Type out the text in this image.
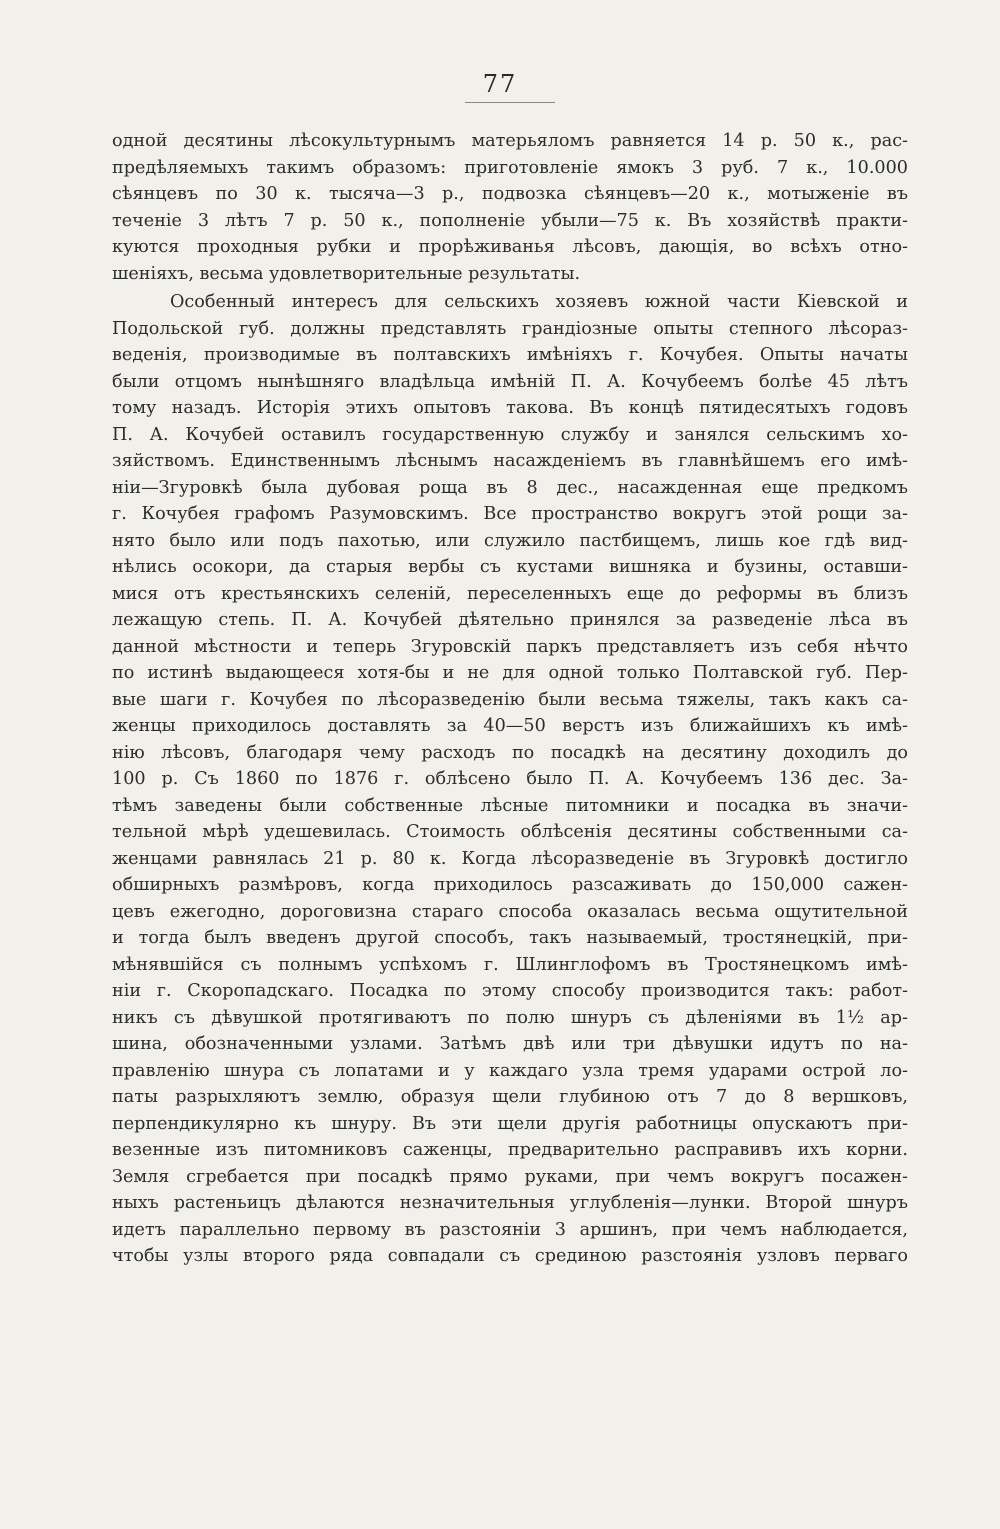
77
одной десятины лѣсокультурнымъ матерьяломъ равняется 14 р. 50 к., рас-
предѣляемыхъ такимъ образомъ: приготовленіе ямокъ 3 руб. 7 к., 10.000
сѣянцевъ по 30 к. тысяча—3 р., подвозка сѣянцевъ—20 к., мотыженіе въ
теченіе 3 лѣтъ 7 р. 50 к., пополненіе убыли—75 к. Въ хозяйствѣ практи-
куются проходныя рубки и прорѣживанья лѣсовъ, дающія, во всѣхъ отно-
шеніяхъ, весьма удовлетворительные результаты.
Особенный интересъ для сельскихъ хозяевъ южной части Кіевской и
Подольской губ. должны представлять грандіозные опыты степного лѣсораз-
веденія, производимые въ полтавскихъ имѣніяхъ г. Кочубея. Опыты начаты
были отцомъ нынѣшняго владѣльца имѣній П. А. Кочубеемъ болѣе 45 лѣтъ
тому назадъ. Исторія этихъ опытовъ такова. Въ концѣ пятидесятыхъ годовъ
П. А. Кочубей оставилъ государственную службу и занялся сельскимъ хо-
зяйствомъ. Единственнымъ лѣснымъ насажденіемъ въ главнѣйшемъ его имѣ-
ніи—Згуровкѣ была дубовая роща въ 8 дес., насажденная еще предкомъ
г. Кочубея графомъ Разумовскимъ. Все пространство вокругъ этой рощи за-
нято было или подъ пахотью, или служило пастбищемъ, лишь кое гдѣ вид-
нѣлись осокори, да старыя вербы съ кустами вишняка и бузины, оставши-
мися отъ крестьянскихъ селеній, переселенныхъ еще до реформы въ близъ
лежащую степь. П. А. Кочубей дѣятельно принялся за разведеніе лѣса въ
данной мѣстности и теперь Згуровскій паркъ представляетъ изъ себя нѣчто
по истинѣ выдающееся хотя-бы и не для одной только Полтавской губ. Пер-
вые шаги г. Кочубея по лѣсоразведенію были весьма тяжелы, такъ какъ са-
женцы приходилось доставлять за 40—50 верстъ изъ ближайшихъ къ имѣ-
нію лѣсовъ, благодаря чему расходъ по посадкѣ на десятину доходилъ до
100 р. Съ 1860 по 1876 г. облѣсено было П. А. Кочубеемъ 136 дес. За-
тѣмъ заведены были собственные лѣсные питомники и посадка въ значи-
тельной мѣрѣ удешевилась. Стоимость облѣсенія десятины собственными са-
женцами равнялась 21 р. 80 к. Когда лѣсоразведеніе въ Згуровкѣ достигло
обширныхъ размѣровъ, когда приходилось разсаживать до 150,000 сажен-
цевъ ежегодно, дороговизна стараго способа оказалась весьма ощутительной
и тогда былъ введенъ другой способъ, такъ называемый, тростянецкій, при-
мѣнявшійся съ полнымъ успѣхомъ г. Шлинглофомъ въ Тростянецкомъ имѣ-
ніи г. Скоропадскаго. Посадка по этому способу производится такъ: работ-
никъ съ дѣвушкой протягиваютъ по полю шнуръ съ дѣленіями въ 1½ ар-
шина, обозначенными узлами. Затѣмъ двѣ или три дѣвушки идутъ по на-
правленію шнура съ лопатами и у каждаго узла тремя ударами острой ло-
паты разрыхляютъ землю, образуя щели глубиною отъ 7 до 8 вершковъ,
перпендикулярно къ шнуру. Въ эти щели другія работницы опускаютъ при-
везенные изъ питомниковъ саженцы, предварительно расправивъ ихъ корни.
Земля сгребается при посадкѣ прямо руками, при чемъ вокругъ посажен-
ныхъ растеньицъ дѣлаются незначительныя углубленія—лунки. Второй шнуръ
идетъ параллельно первому въ разстояніи 3 аршинъ, при чемъ наблюдается,
чтобы узлы второго ряда совпадали съ срединою разстоянія узловъ перваго
